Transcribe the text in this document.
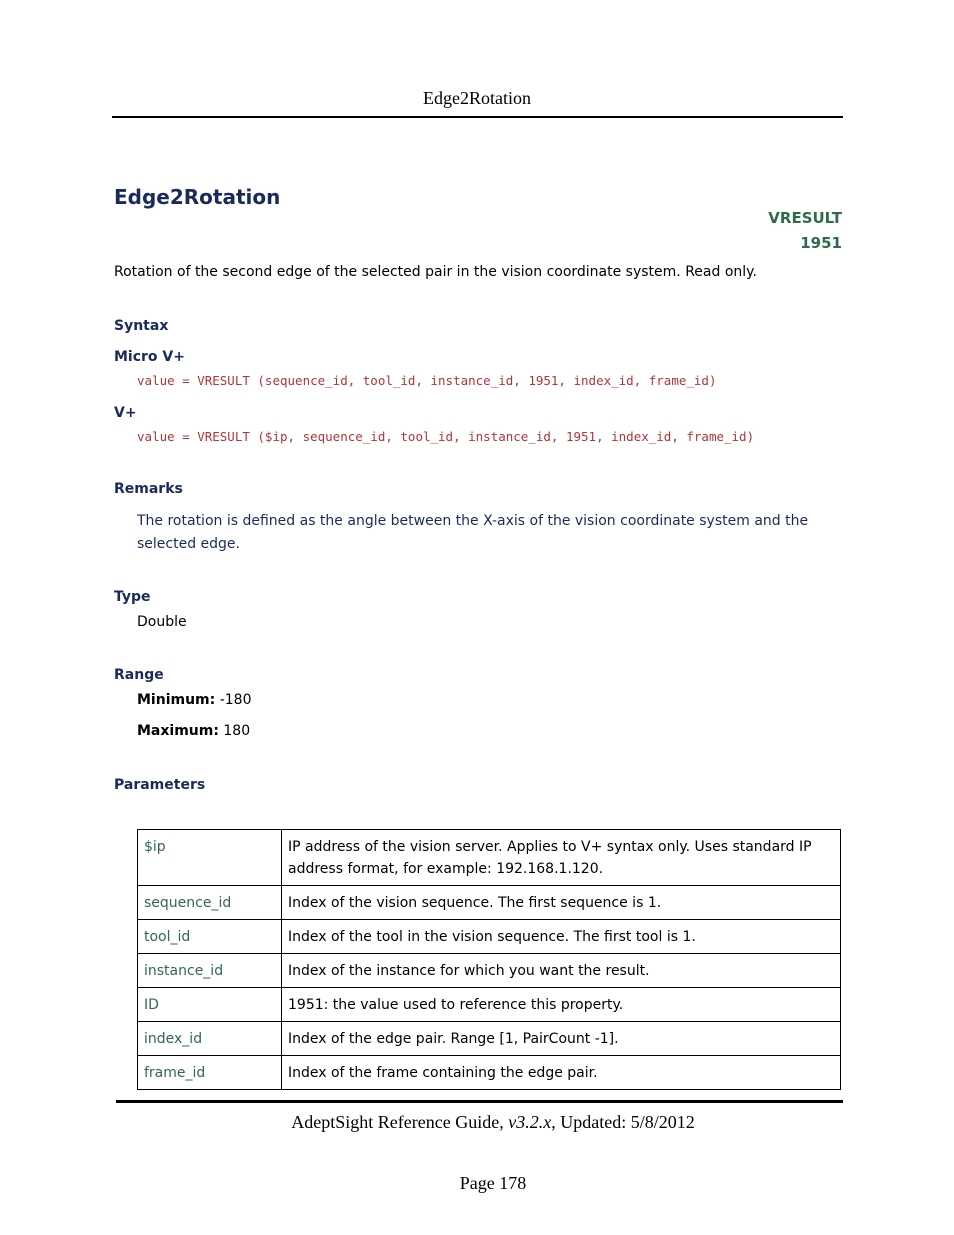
Edge2Rotation
Edge2Rotation
VRESULT
1951
Rotation of the second edge of the selected pair in the vision coordinate system. Read only.
Syntax
Micro V+
value = VRESULT (sequence_id, tool_id, instance_id, 1951, index_id, frame_id)
V+
value = VRESULT ($ip, sequence_id, tool_id, instance_id, 1951, index_id, frame_id)
Remarks
The rotation is defined as the angle between the X-axis of the vision coordinate system and the selected edge.
Type
Double
Range
Minimum: -180
Maximum: 180
Parameters
$ip	IP address of the vision server. Applies to V+ syntax only. Uses standard IP address format, for example: 192.168.1.120.
sequence_id	Index of the vision sequence. The first sequence is 1.
tool_id	Index of the tool in the vision sequence. The first tool is 1.
instance_id	Index of the instance for which you want the result.
ID	1951: the value used to reference this property.
index_id	Index of the edge pair. Range [1, PairCount -1].
frame_id	Index of the frame containing the edge pair.
AdeptSight Reference Guide, v3.2.x, Updated: 5/8/2012
Page 178
